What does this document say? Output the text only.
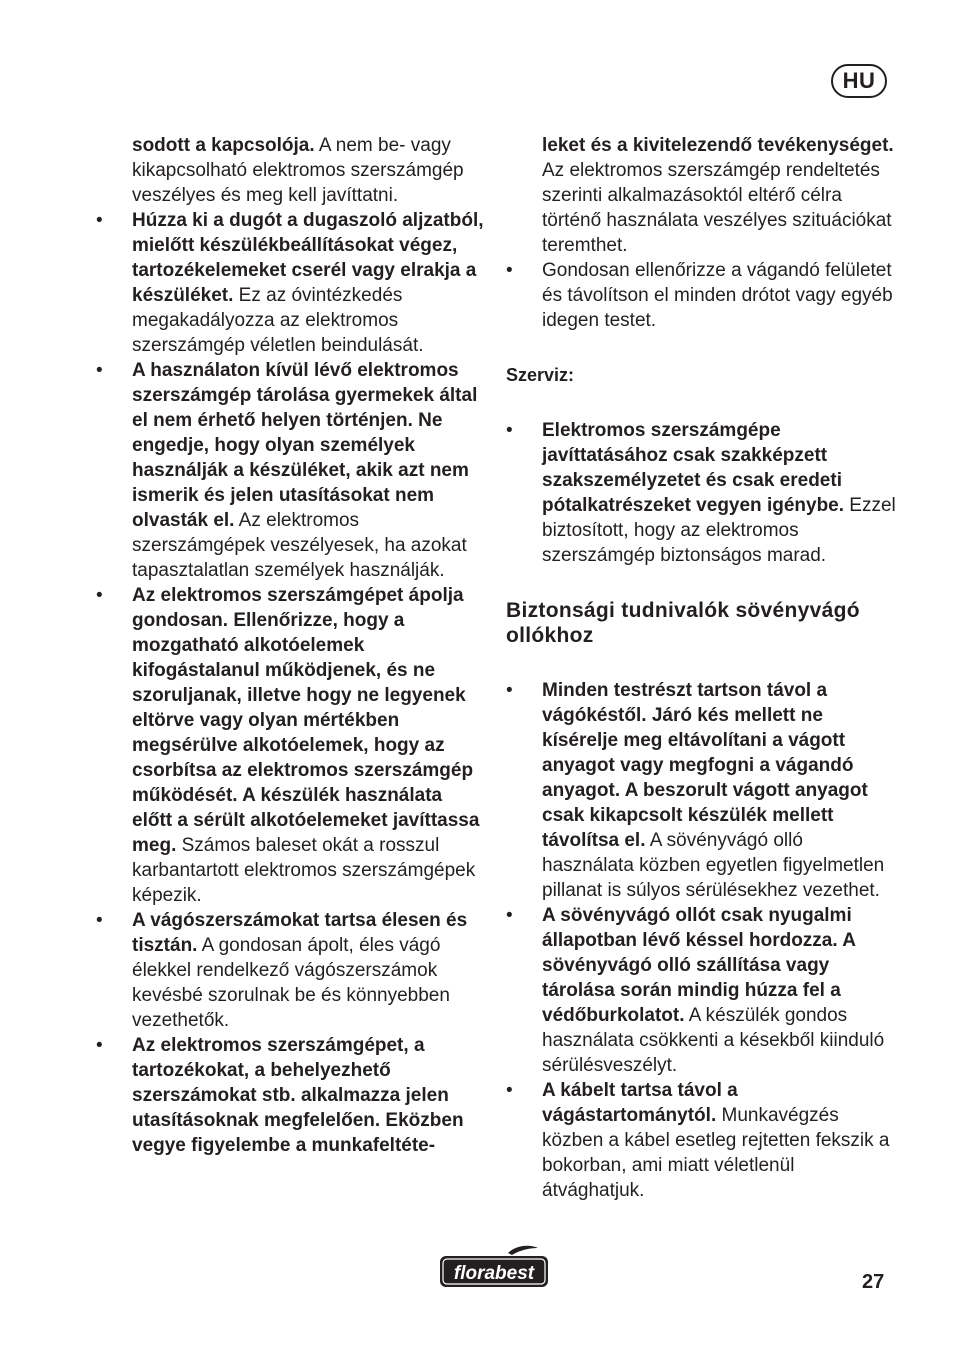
HU
sodott a kapcsolója. A nem be- vagy kikapcsolható elektromos szerszámgép veszélyes és meg kell javíttatni.
•	Húzza ki a dugót a dugaszoló aljzatból, mielőtt készülékbeállításokat végez, tartozékelemeket cserél vagy elrakja a készüléket. Ez az óvintézkedés megakadályozza az elektromos szerszámgép véletlen beindulását.
•	A használaton kívül lévő elektromos szerszámgép tárolása gyermekek által el nem érhető helyen történjen. Ne engedje, hogy olyan személyek használják a készüléket, akik azt nem ismerik és jelen utasításokat nem olvasták el. Az elektromos szerszámgépek veszélyesek, ha azokat tapasztalatlan személyek használják.
•	Az elektromos szerszámgépet ápolja gondosan. Ellenőrizze, hogy a mozgatható alkotóelemek kifogástalanul működjenek, és ne szoruljanak, illetve hogy ne legyenek eltörve vagy olyan mértékben megsérülve alkotóelemek, hogy az csorbítsa az elektromos szerszámgép működését. A készülék használata előtt a sérült alkotóelemeket javíttassa meg. Számos baleset okát a rosszul karbantartott elektromos szerszámgépek képezik.
•	A vágószerszámokat tartsa élesen és tisztán. A gondosan ápolt, éles vágó élekkel rendelkező vágószerszámok kevésbé szorulnak be és könnyebben vezethetők.
•	Az elektromos szerszámgépet, a tartozékokat, a behelyezhető szerszámokat stb. alkalmazza jelen utasításoknak megfelelően. Eközben vegye figyelembe a munkafeltéte-
leket és a kivitelezendő tevékenységet. Az elektromos szerszámgép rendeltetés szerinti alkalmazásoktól eltérő célra történő használata veszélyes szituációkat teremthet.
•	Gondosan ellenőrizze a vágandó felületet és távolítson el minden drótot vagy egyéb idegen testet.
Szerviz:
•	Elektromos szerszámgépe javíttatásához csak szakképzett szakszemélyzetet és csak eredeti pótalkatrészeket vegyen igénybe. Ezzel biztosított, hogy az elektromos szerszámgép biztonságos marad.
Biztonsági tudnivalók sövényvágó ollókhoz
•	Minden testrészt tartson távol a vágókéstől. Járó kés mellett ne kísérelje meg eltávolítani a vágott anyagot vagy megfogni a vágandó anyagot. A beszorult vágott anyagot csak kikapcsolt készülék mellett távolítsa el. A sövényvágó olló használata közben egyetlen figyelmetlen pillanat is súlyos sérülésekhez vezethet.
•	A sövényvágó ollót csak nyugalmi állapotban lévő késsel hordozza. A sövényvágó olló szállítása vagy tárolása során mindig húzza fel a védőburkolatot. A készülék gondos használata csökkenti a késekből kiinduló sérülésveszélyt.
•	A kábelt tartsa távol a vágástartománytól. Munkavégzés közben a kábel esetleg rejtetten fekszik a bokorban, ami miatt véletlenül átvághatjuk.
florabest	27
